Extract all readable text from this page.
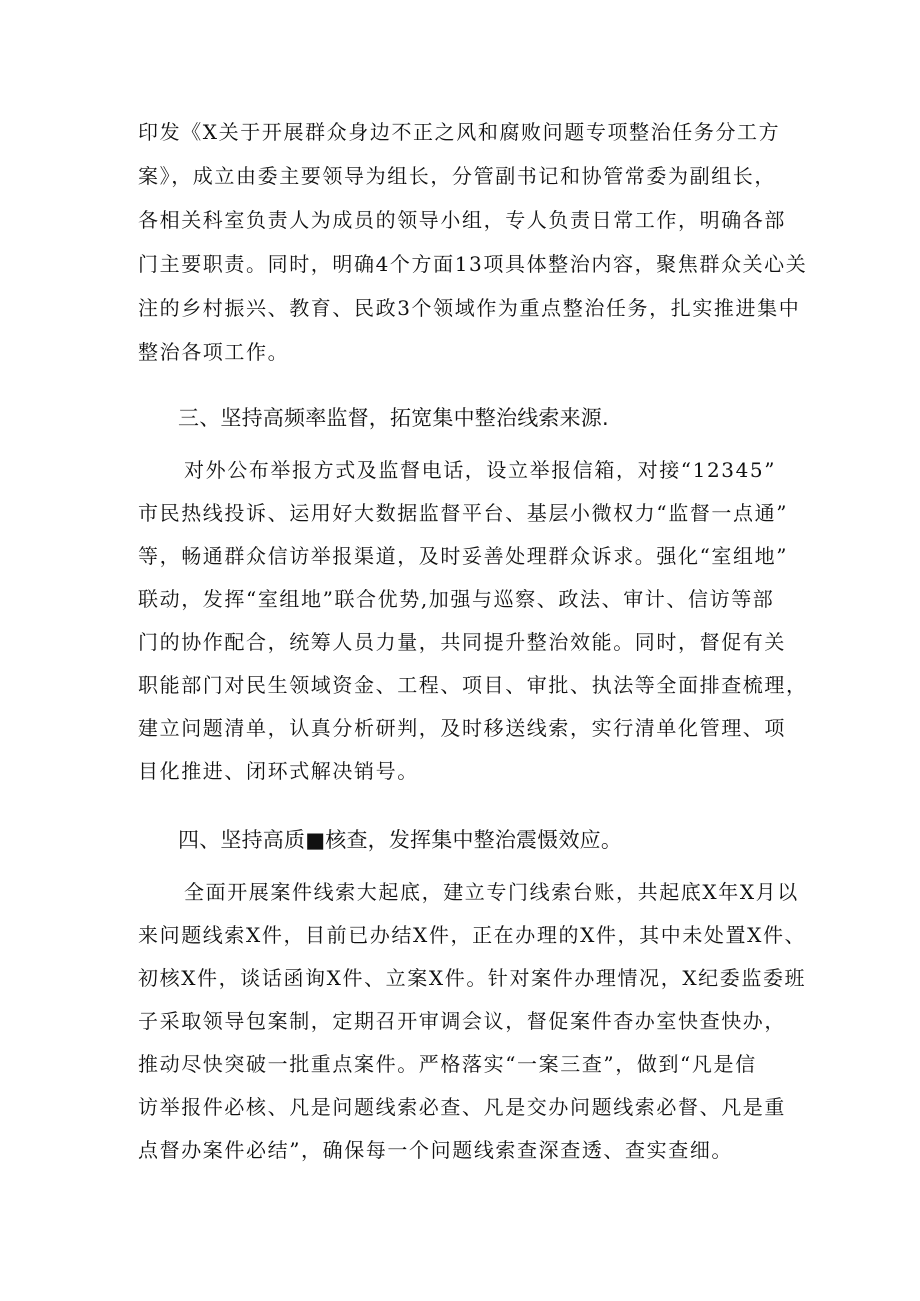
印发《X关于开展群众身边不正之风和腐败问题专项整治任务分工方
案》，成立由委主要领导为组长，分管副书记和协管常委为副组长，
各相关科室负责人为成员的领导小组，专人负责日常工作，明确各部
门主要职责。同时，明确4个方面13项具体整治内容，聚焦群众关心关
注的乡村振兴、教育、民政3个领域作为重点整治任务，扎实推进集中
整治各项工作。
三、坚持高频率监督，拓宽集中整治线索来源.
对外公布举报方式及监督电话，设立举报信箱，对接“12345”
市民热线投诉、运用好大数据监督平台、基层小微权力“监督一点通”
等，畅通群众信访举报渠道，及时妥善处理群众诉求。强化“室组地”
联动，发挥“室组地”联合优势,加强与巡察、政法、审计、信访等部
门的协作配合，统筹人员力量，共同提升整治效能。同时，督促有关
职能部门对民生领域资金、工程、项目、审批、执法等全面排查梳理，
建立问题清单，认真分析研判，及时移送线索，实行清单化管理、项
目化推进、闭环式解决销号。
四、坚持高质■核查，发挥集中整治震慑效应。
全面开展案件线索大起底，建立专门线索台账，共起底X年X月以
来问题线索X件，目前已办结X件，正在办理的X件，其中未处置X件、
初核X件，谈话函询X件、立案X件。针对案件办理情况，X纪委监委班
子采取领导包案制，定期召开审调会议，督促案件杳办室快查快办，
推动尽快突破一批重点案件。严格落实“一案三查”，做到“凡是信
访举报件必核、凡是问题线索必查、凡是交办问题线索必督、凡是重
点督办案件必结”，确保每一个问题线索查深查透、查实查细。
